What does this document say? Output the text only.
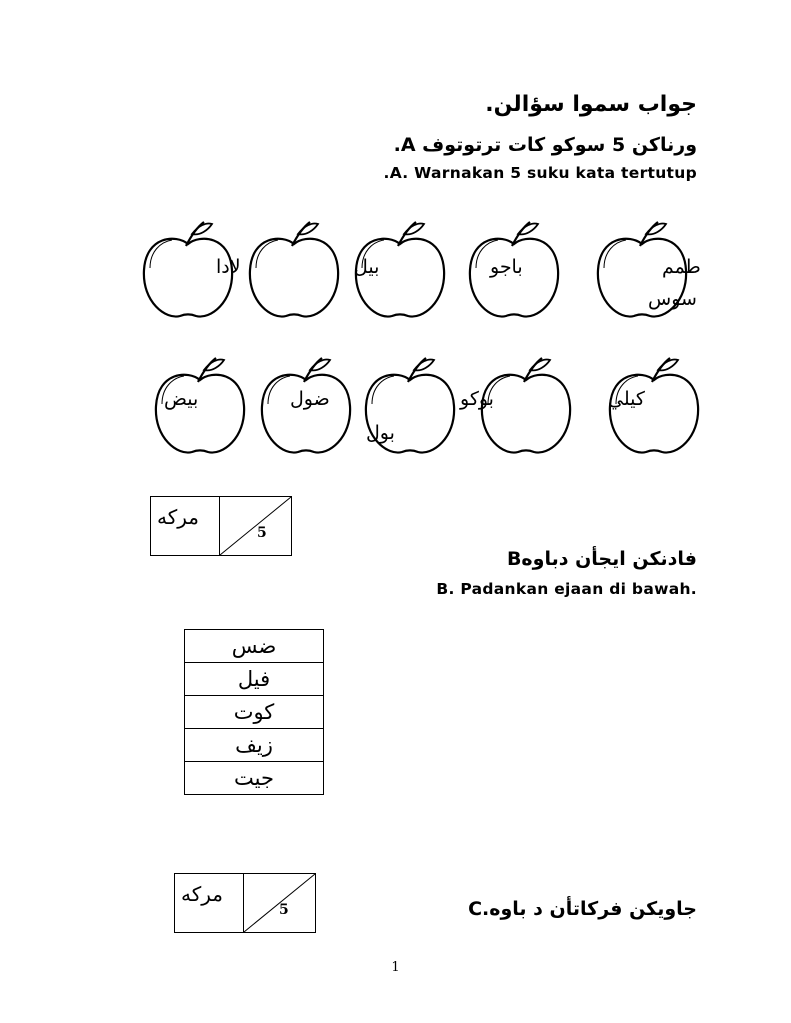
جواب سموا سؤالن.
ورناكن 5 سوكو كات ترتوتوف A.
.A. Warnakan 5 suku kata tertutup
لادا	بيل	باجو	طمم
سوس
بيض	ضول	بوكو
بول
كيلي
مركه
5
Bفادنكن ايجأن دباوه
B. Padankan ejaan di bawah.
ضس
فيل
كوت
زيف
جيت
مركه
5	جاويكن فركاتأن د باوه.C
1
